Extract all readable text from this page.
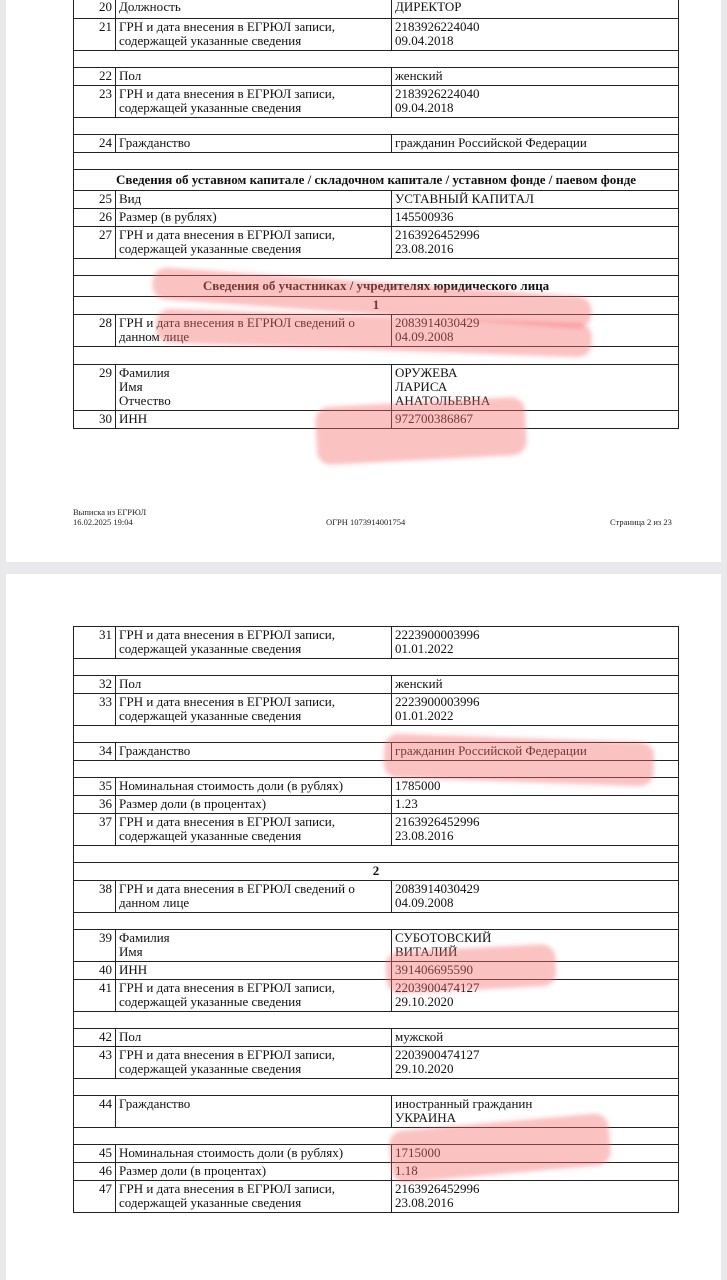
20	Должность	ДИРЕКТОР
21	ГРН и дата внесения в ЕГРЮЛ записи, содержащей указанные сведения	2183926224040
09.04.2018

22	Пол	женский
23	ГРН и дата внесения в ЕГРЮЛ записи, содержащей указанные сведения	2183926224040
09.04.2018

24	Гражданство	гражданин Российской Федерации

Сведения об уставном капитале / складочном капитале / уставном фонде / паевом фонде		
25	Вид	УСТАВНЫЙ КАПИТАЛ
26	Размер (в рублях)	145500936
27	ГРН и дата внесения в ЕГРЮЛ записи, содержащей указанные сведения	2163926452996
23.08.2016

Сведения об участниках / учредителях юридического лица		
1		
28	ГРН и дата внесения в ЕГРЮЛ сведений о данном лице	2083914030429
04.09.2008

29	Фамилия
Имя
Отчество	ОРУЖЕВА
ЛАРИСА
АНАТОЛЬЕВНА
30	ИНН	972700386867
Выписка из ЕГРЮЛ
16.02.2025 19:04	ОГРН 1073914001754	Страница 2 из 23
31	ГРН и дата внесения в ЕГРЮЛ записи, содержащей указанные сведения	2223900003996
01.01.2022

32	Пол	женский
33	ГРН и дата внесения в ЕГРЮЛ записи, содержащей указанные сведения	2223900003996
01.01.2022

34	Гражданство	гражданин Российской Федерации

35	Номинальная стоимость доли (в рублях)	1785000
36	Размер доли (в процентах)	1.23
37	ГРН и дата внесения в ЕГРЮЛ записи, содержащей указанные сведения	2163926452996
23.08.2016

2		
38	ГРН и дата внесения в ЕГРЮЛ сведений о данном лице	2083914030429
04.09.2008

39	Фамилия
Имя	СУБОТОВСКИЙ
ВИТАЛИЙ
40	ИНН	391406695590
41	ГРН и дата внесения в ЕГРЮЛ записи, содержащей указанные сведения	2203900474127
29.10.2020

42	Пол	мужской
43	ГРН и дата внесения в ЕГРЮЛ записи, содержащей указанные сведения	2203900474127
29.10.2020

44	Гражданство	иностранный гражданин
УКРАИНА

45	Номинальная стоимость доли (в рублях)	1715000
46	Размер доли (в процентах)	1.18
47	ГРН и дата внесения в ЕГРЮЛ записи, содержащей указанные сведения	2163926452996
23.08.2016
